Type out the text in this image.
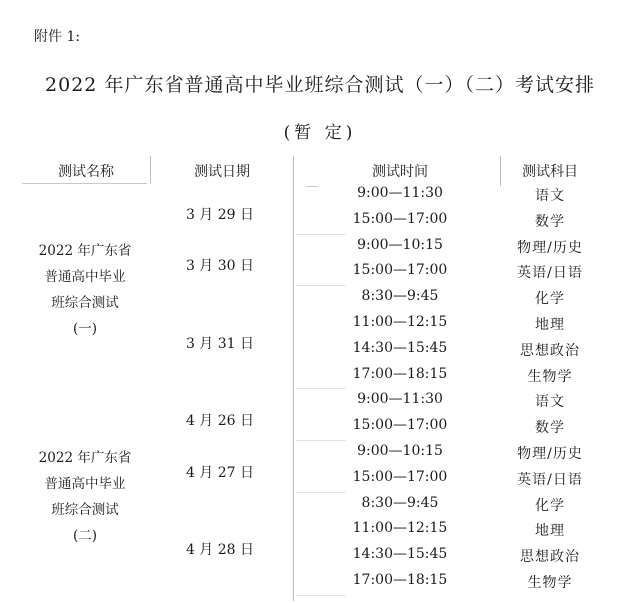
附件 1:
2022 年广东省普通高中毕业班综合测试（一）（二）考试安排
(暂 定)
测试名称	测试日期	测试时间	测试科目
2022 年广东省
普通高中毕业
班综合测试
(一)
3 月 29 日
9:00—11:30	语文
15:00—17:00	数学
3 月 30 日
9:00—10:15	物理/历史
15:00—17:00	英语/日语
3 月 31 日
8:30—9:45	化学
11:00—12:15	地理
14:30—15:45	思想政治
17:00—18:15	生物学
2022 年广东省
普通高中毕业
班综合测试
(二)
4 月 26 日
9:00—11:30	语文
15:00—17:00	数学
4 月 27 日
9:00—10:15	物理/历史
15:00—17:00	英语/日语
4 月 28 日
8:30—9:45	化学
11:00—12:15	地理
14:30—15:45	思想政治
17:00—18:15	生物学
